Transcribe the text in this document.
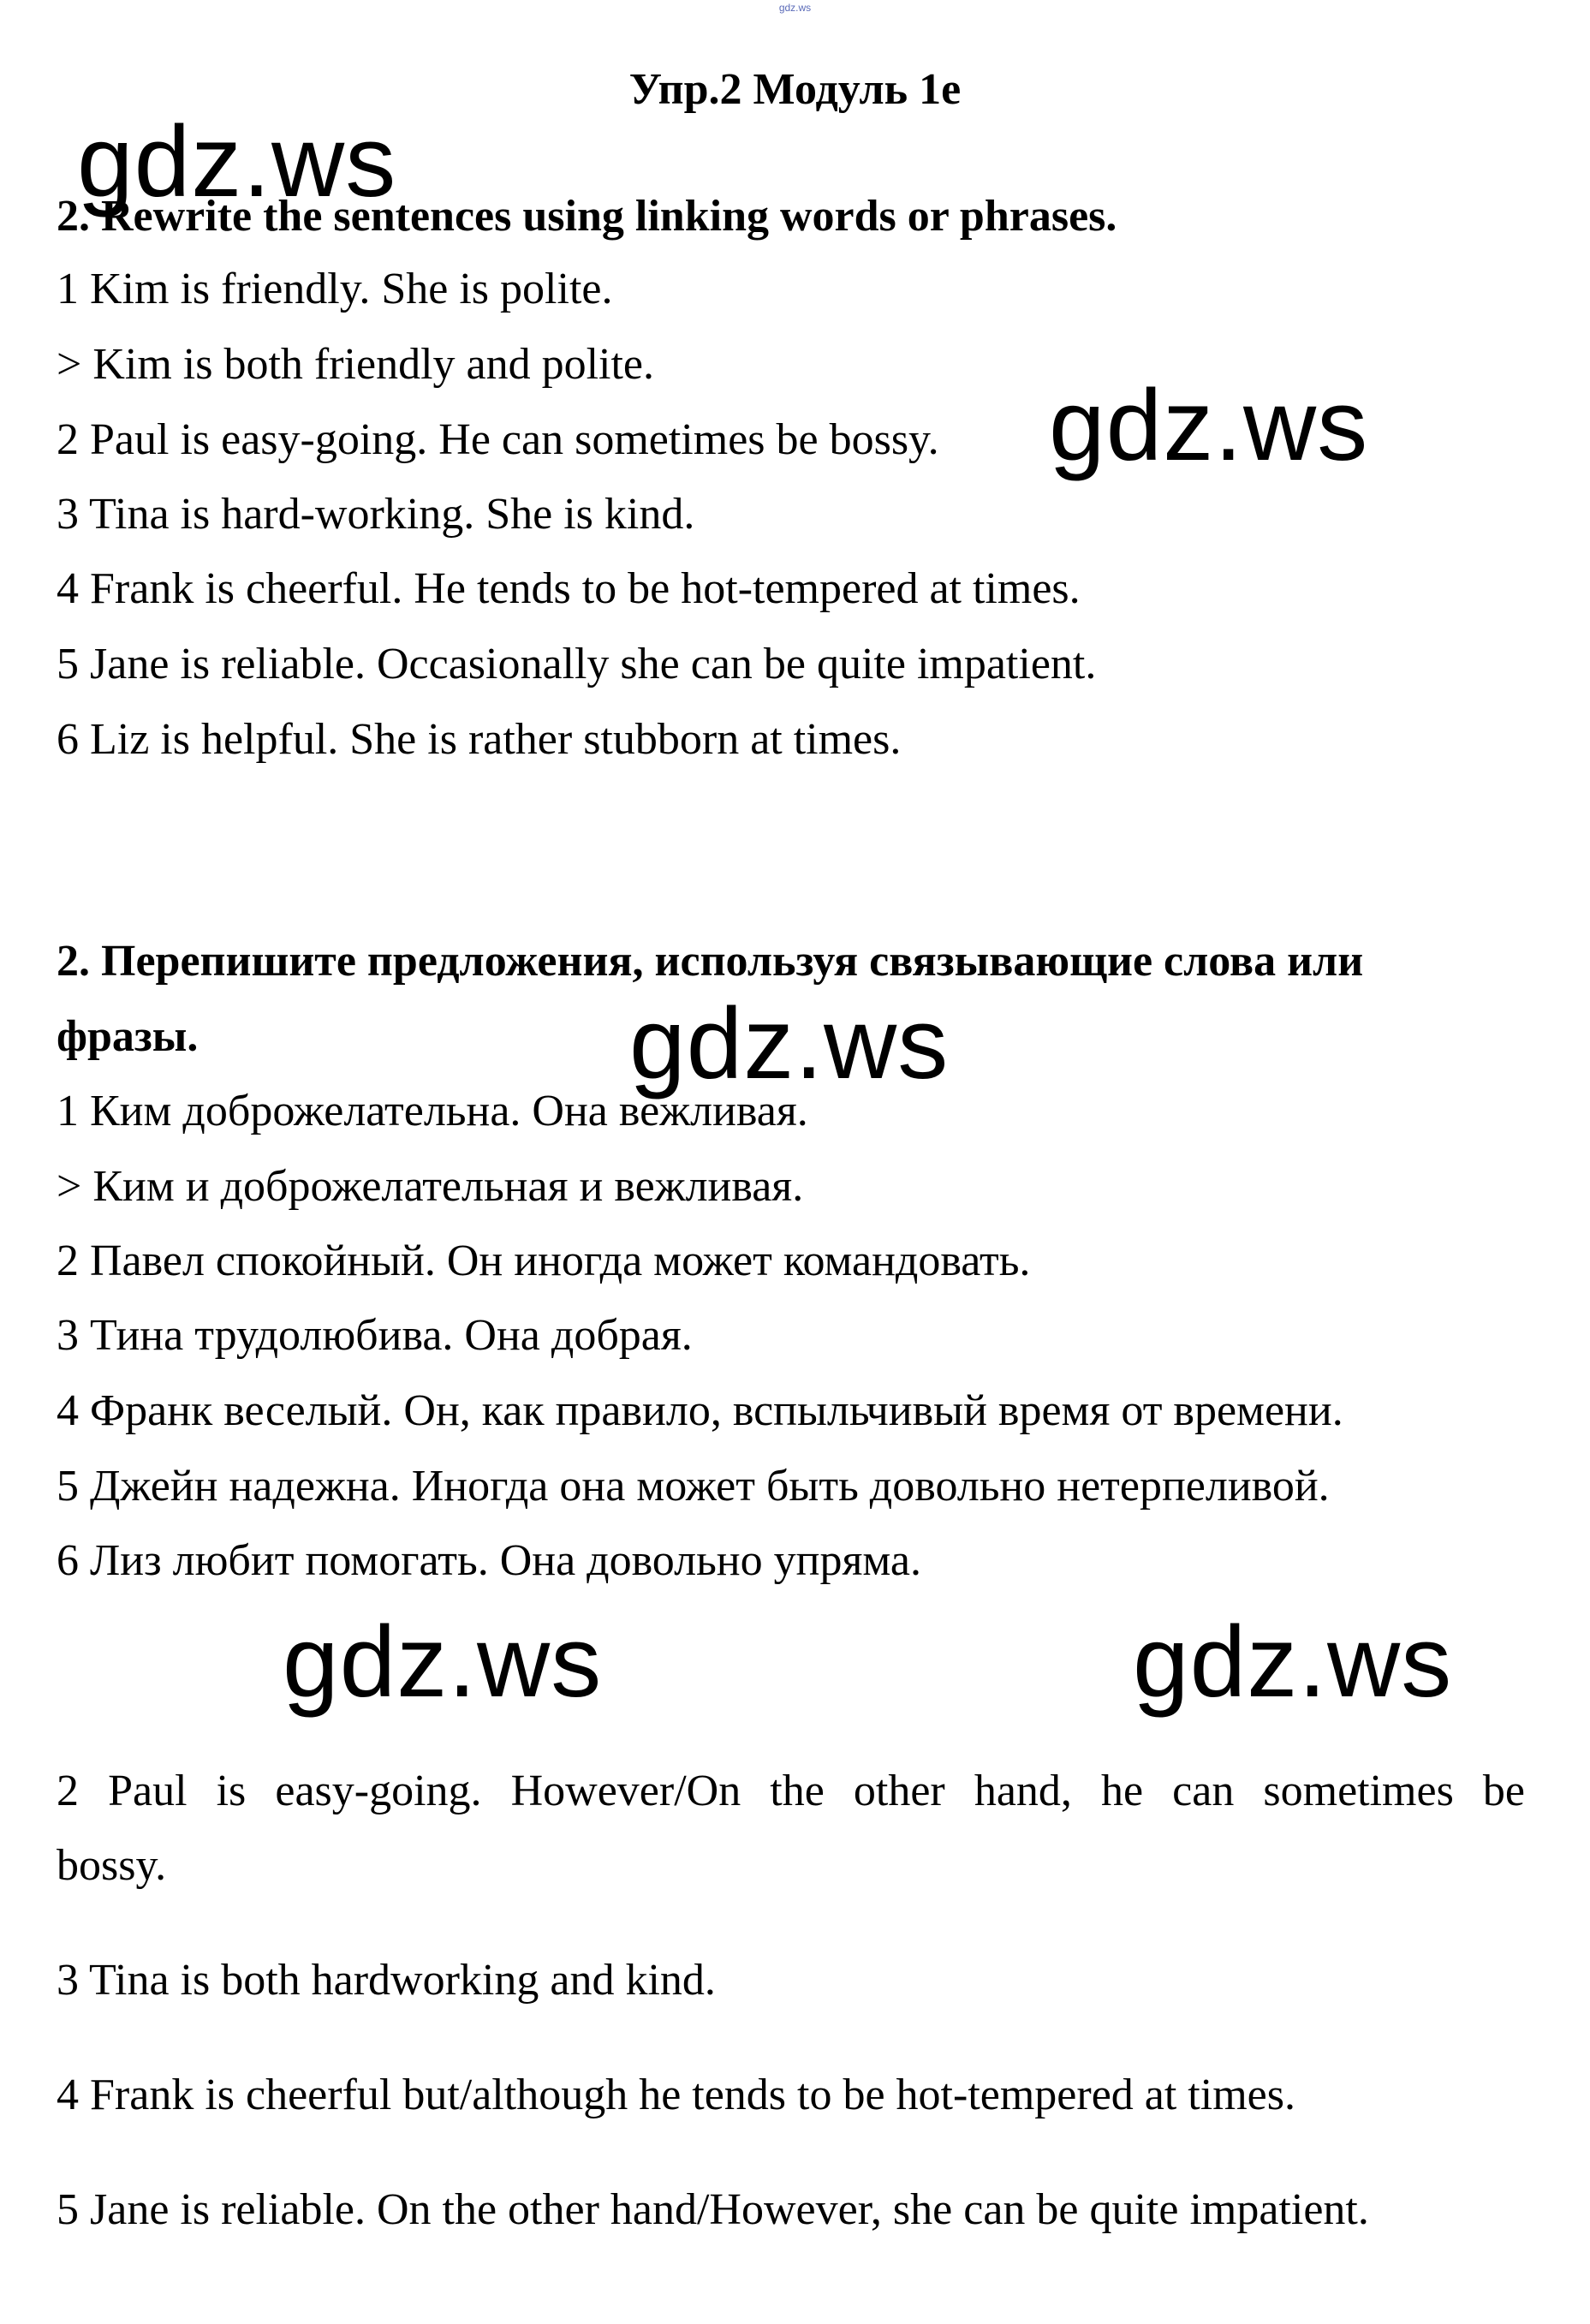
gdz.ws
Упр.2 Модуль 1е
gdz.ws
gdz.ws
gdz.ws
gdz.ws	gdz.ws
2. Rewrite the sentences using linking words or phrases.
1 Kim is friendly. She is polite.
> Kim is both friendly and polite.
2 Paul is easy-going. He can sometimes be bossy.
3 Tina is hard-working. She is kind.
4 Frank is cheerful. He tends to be hot-tempered at times.
5 Jane is reliable. Occasionally she can be quite impatient.
6 Liz is helpful. She is rather stubborn at times.
2. Перепишите предложения, используя связывающие слова или
фразы.
1 Ким доброжелательна. Она вежливая.
> Ким и доброжелательная и вежливая.
2 Павел спокойный. Он иногда может командовать.
3 Тина трудолюбива. Она добрая.
4 Франк веселый. Он, как правило, вспыльчивый время от времени.
5 Джейн надежна. Иногда она может быть довольно нетерпеливой.
6 Лиз любит помогать. Она довольно упряма.
2 Paul is easy-going. However/On the other hand, he can sometimes be
bossy.
3 Tina is both hardworking and kind.
4 Frank is cheerful but/although he tends to be hot-tempered at times.
5 Jane is reliable. On the other hand/However, she can be quite impatient.
